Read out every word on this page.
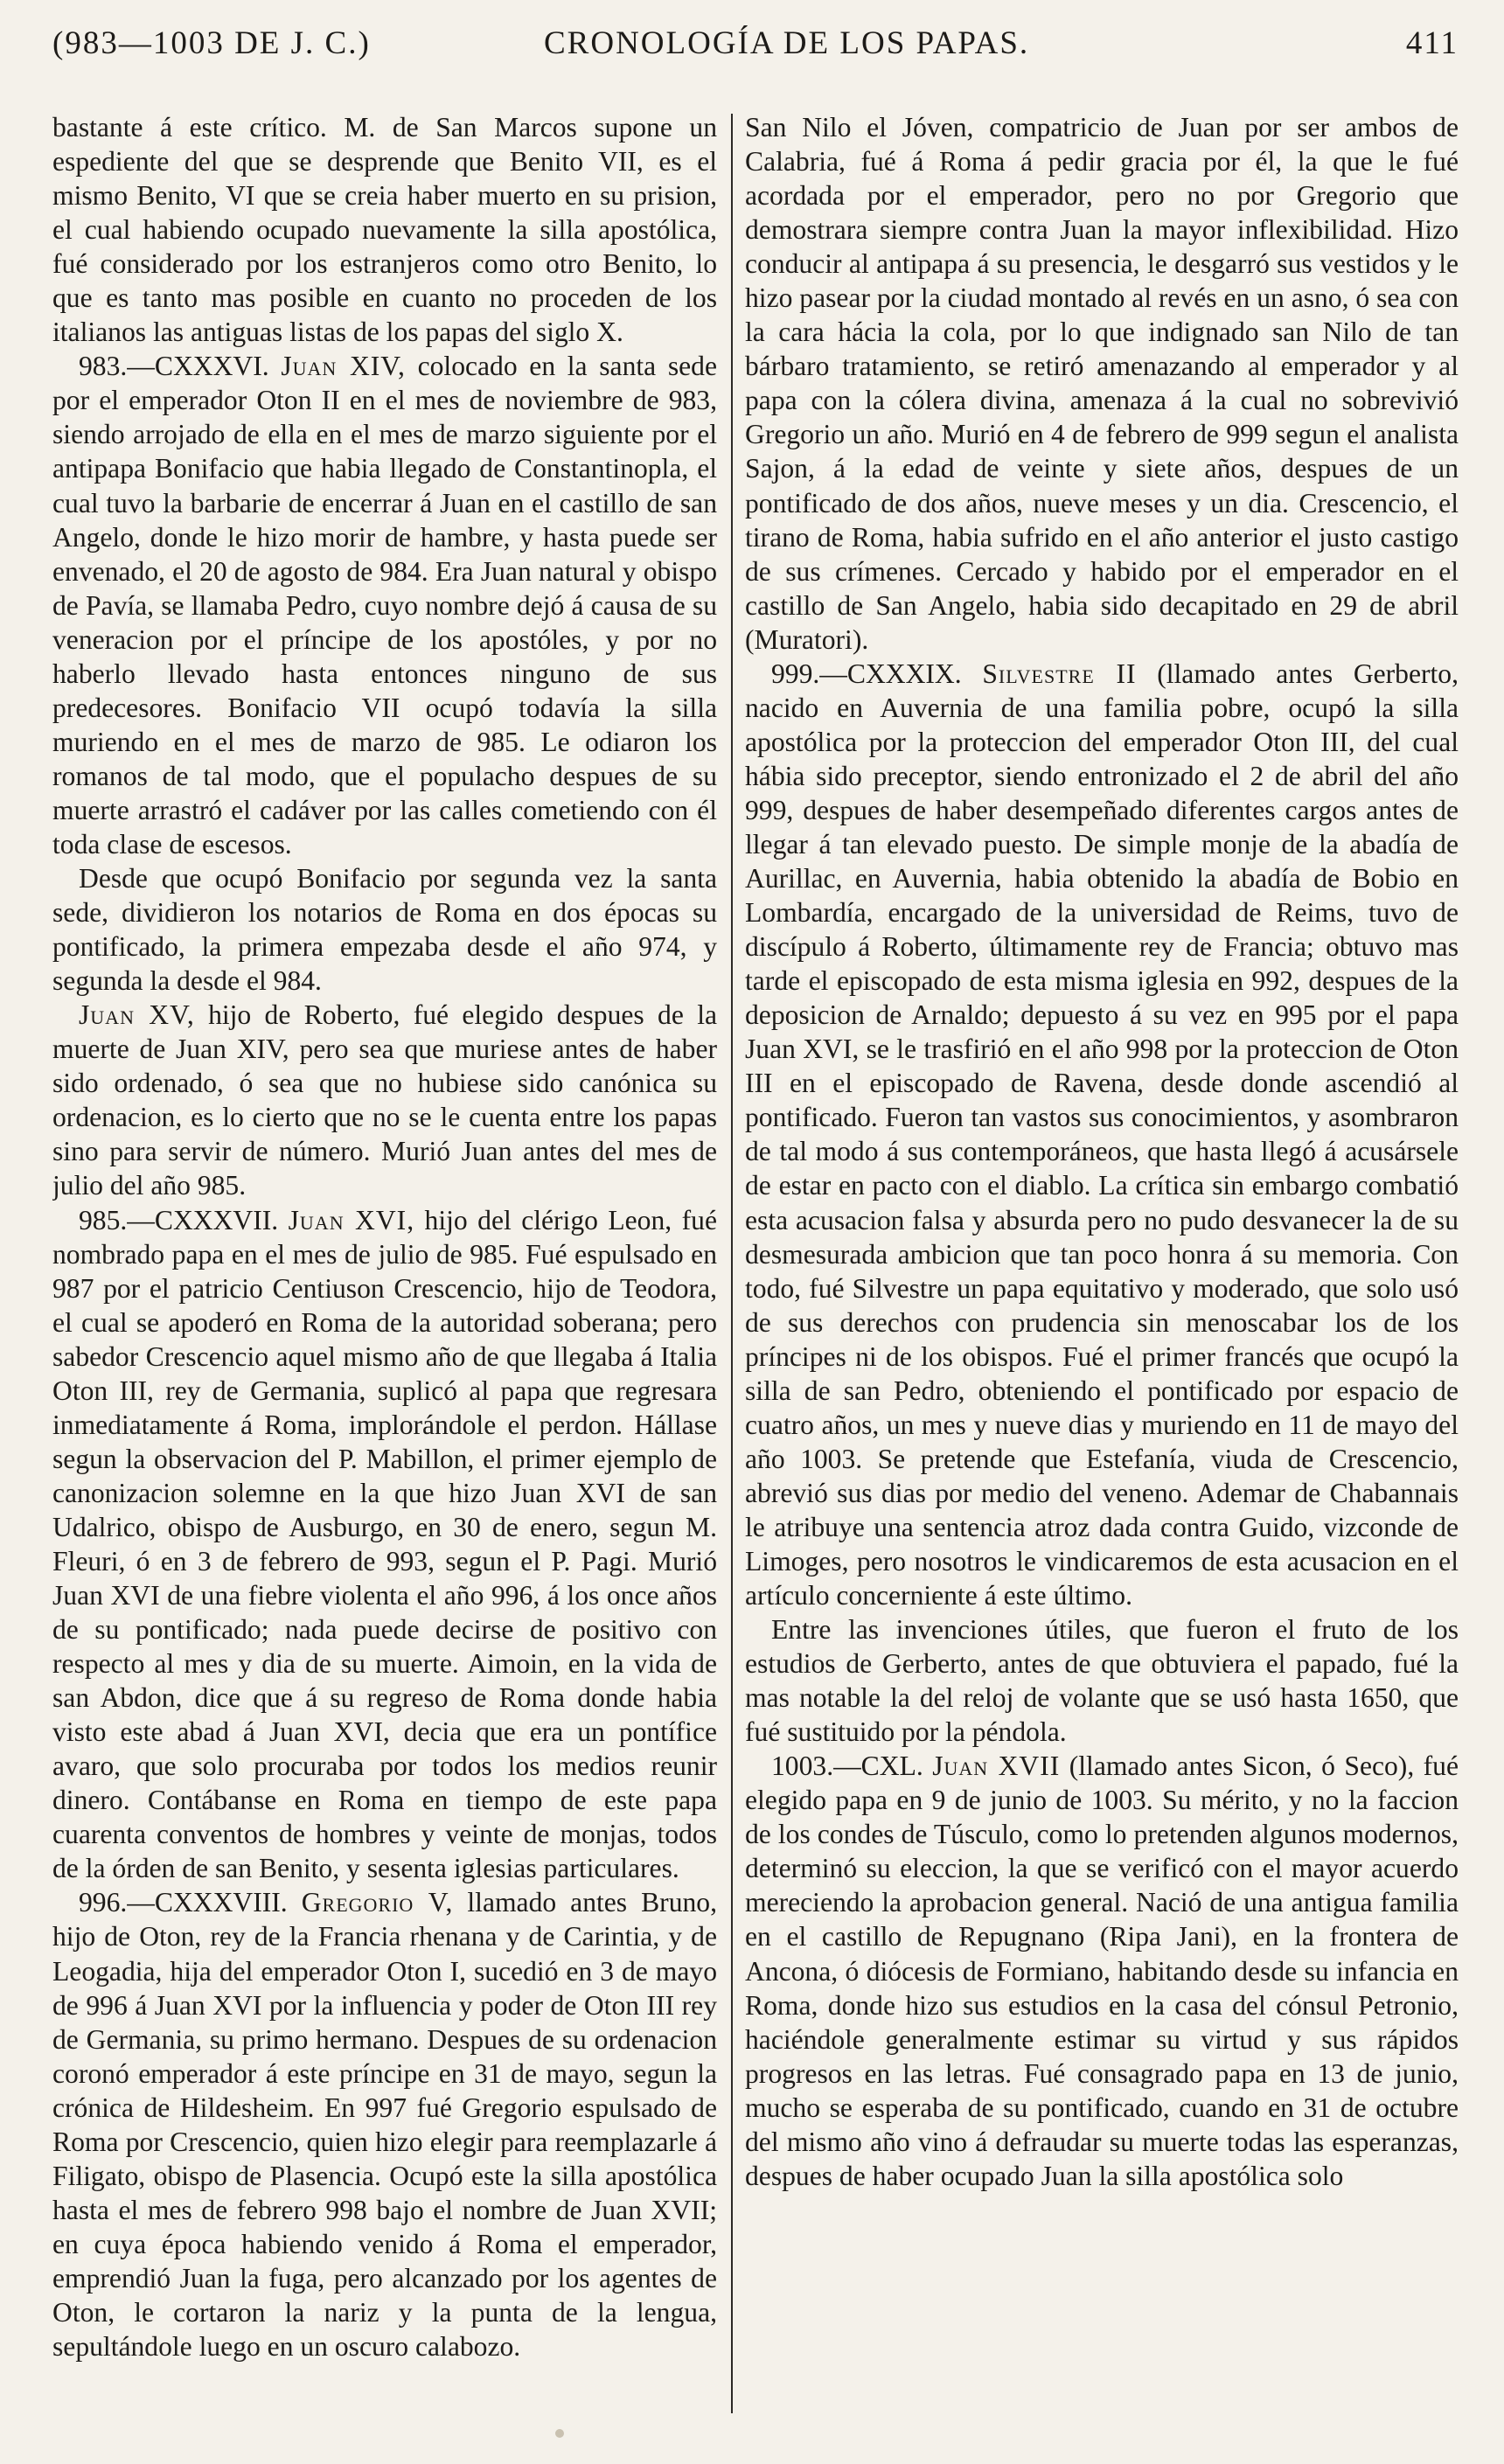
(983—1003 DE J. C.)	CRONOLOGÍA DE LOS PAPAS.	411

bastante á este crítico. M. de San Marcos supone un espediente del que se desprende que Benito VII, es el mismo Benito, VI que se creia haber muerto en su prision, el cual habiendo ocupado nuevamente la silla apostólica, fué considerado por los estranjeros como otro Benito, lo que es tanto mas posible en cuanto no proceden de los italianos las antiguas listas de los papas del siglo X.

983.—CXXXVI. Juan XIV, colocado en la santa sede por el emperador Oton II en el mes de noviembre de 983, siendo arrojado de ella en el mes de marzo siguiente por el antipapa Bonifacio que habia llegado de Constantinopla, el cual tuvo la barbarie de encerrar á Juan en el castillo de san Angelo, donde le hizo morir de hambre, y hasta puede ser envenado, el 20 de agosto de 984. Era Juan natural y obispo de Pavía, se llamaba Pedro, cuyo nombre dejó á causa de su veneracion por el príncipe de los apostóles, y por no haberlo llevado hasta entonces ninguno de sus predecesores. Bonifacio VII ocupó todavía la silla muriendo en el mes de marzo de 985. Le odiaron los romanos de tal modo, que el populacho despues de su muerte arrastró el cadáver por las calles cometiendo con él toda clase de escesos.

Desde que ocupó Bonifacio por segunda vez la santa sede, dividieron los notarios de Roma en dos épocas su pontificado, la primera empezaba desde el año 974, y segunda la desde el 984.

Juan XV, hijo de Roberto, fué elegido despues de la muerte de Juan XIV, pero sea que muriese antes de haber sido ordenado, ó sea que no hubiese sido canónica su ordenacion, es lo cierto que no se le cuenta entre los papas sino para servir de número. Murió Juan antes del mes de julio del año 985.

985.—CXXXVII. Juan XVI, hijo del clérigo Leon, fué nombrado papa en el mes de julio de 985. Fué espulsado en 987 por el patricio Centiuson Crescencio, hijo de Teodora, el cual se apoderó en Roma de la autoridad soberana; pero sabedor Crescencio aquel mismo año de que llegaba á Italia Oton III, rey de Germania, suplicó al papa que regresara inmediatamente á Roma, implorándole el perdon. Hállase segun la observacion del P. Mabillon, el primer ejemplo de canonizacion solemne en la que hizo Juan XVI de san Udalrico, obispo de Ausburgo, en 30 de enero, segun M. Fleuri, ó en 3 de febrero de 993, segun el P. Pagi. Murió Juan XVI de una fiebre violenta el año 996, á los once años de su pontificado; nada puede decirse de positivo con respecto al mes y dia de su muerte. Aimoin, en la vida de san Abdon, dice que á su regreso de Roma donde habia visto este abad á Juan XVI, decia que era un pontífice avaro, que solo procuraba por todos los medios reunir dinero. Contábanse en Roma en tiempo de este papa cuarenta conventos de hombres y veinte de monjas, todos de la órden de san Benito, y sesenta iglesias particulares.

996.—CXXXVIII. Gregorio V, llamado antes Bruno, hijo de Oton, rey de la Francia rhenana y de Carintia, y de Leogadia, hija del emperador Oton I, sucedió en 3 de mayo de 996 á Juan XVI por la influencia y poder de Oton III rey de Germania, su primo hermano. Despues de su ordenacion coronó emperador á este príncipe en 31 de mayo, segun la crónica de Hildesheim. En 997 fué Gregorio espulsado de Roma por Crescencio, quien hizo elegir para reemplazarle á Filigato, obispo de Plasencia. Ocupó este la silla apostólica hasta el mes de febrero 998 bajo el nombre de Juan XVII; en cuya época habiendo venido á Roma el emperador, emprendió Juan la fuga, pero alcanzado por los agentes de Oton, le cortaron la nariz y la punta de la lengua, sepultándole luego en un oscuro calabozo.

San Nilo el Jóven, compatricio de Juan por ser ambos de Calabria, fué á Roma á pedir gracia por él, la que le fué acordada por el emperador, pero no por Gregorio que demostrara siempre contra Juan la mayor inflexibilidad. Hizo conducir al antipapa á su presencia, le desgarró sus vestidos y le hizo pasear por la ciudad montado al revés en un asno, ó sea con la cara hácia la cola, por lo que indignado san Nilo de tan bárbaro tratamiento, se retiró amenazando al emperador y al papa con la cólera divina, amenaza á la cual no sobrevivió Gregorio un año. Murió en 4 de febrero de 999 segun el analista Sajon, á la edad de veinte y siete años, despues de un pontificado de dos años, nueve meses y un dia. Crescencio, el tirano de Roma, habia sufrido en el año anterior el justo castigo de sus crímenes. Cercado y habido por el emperador en el castillo de San Angelo, habia sido decapitado en 29 de abril (Muratori).

999.—CXXXIX. Silvestre II (llamado antes Gerberto, nacido en Auvernia de una familia pobre, ocupó la silla apostólica por la proteccion del emperador Oton III, del cual hábia sido preceptor, siendo entronizado el 2 de abril del año 999, despues de haber desempeñado diferentes cargos antes de llegar á tan elevado puesto. De simple monje de la abadía de Aurillac, en Auvernia, habia obtenido la abadía de Bobio en Lombardía, encargado de la universidad de Reims, tuvo de discípulo á Roberto, últimamente rey de Francia; obtuvo mas tarde el episcopado de esta misma iglesia en 992, despues de la deposicion de Arnaldo; depuesto á su vez en 995 por el papa Juan XVI, se le trasfirió en el año 998 por la proteccion de Oton III en el episcopado de Ravena, desde donde ascendió al pontificado. Fueron tan vastos sus conocimientos, y asombraron de tal modo á sus contemporáneos, que hasta llegó á acusársele de estar en pacto con el diablo. La crítica sin embargo combatió esta acusacion falsa y absurda pero no pudo desvanecer la de su desmesurada ambicion que tan poco honra á su memoria. Con todo, fué Silvestre un papa equitativo y moderado, que solo usó de sus derechos con prudencia sin menoscabar los de los príncipes ni de los obispos. Fué el primer francés que ocupó la silla de san Pedro, obteniendo el pontificado por espacio de cuatro años, un mes y nueve dias y muriendo en 11 de mayo del año 1003. Se pretende que Estefanía, viuda de Crescencio, abrevió sus dias por medio del veneno. Ademar de Chabannais le atribuye una sentencia atroz dada contra Guido, vizconde de Limoges, pero nosotros le vindicaremos de esta acusacion en el artículo concerniente á este último.

Entre las invenciones útiles, que fueron el fruto de los estudios de Gerberto, antes de que obtuviera el papado, fué la mas notable la del reloj de volante que se usó hasta 1650, que fué sustituido por la péndola.

1003.—CXL. Juan XVII (llamado antes Sicon, ó Seco), fué elegido papa en 9 de junio de 1003. Su mérito, y no la faccion de los condes de Túsculo, como lo pretenden algunos modernos, determinó su eleccion, la que se verificó con el mayor acuerdo mereciendo la aprobacion general. Nació de una antigua familia en el castillo de Repugnano (Ripa Jani), en la frontera de Ancona, ó diócesis de Formiano, habitando desde su infancia en Roma, donde hizo sus estudios en la casa del cónsul Petronio, haciéndole generalmente estimar su virtud y sus rápidos progresos en las letras. Fué consagrado papa en 13 de junio, mucho se esperaba de su pontificado, cuando en 31 de octubre del mismo año vino á defraudar su muerte todas las esperanzas, despues de haber ocupado Juan la silla apostólica solo
